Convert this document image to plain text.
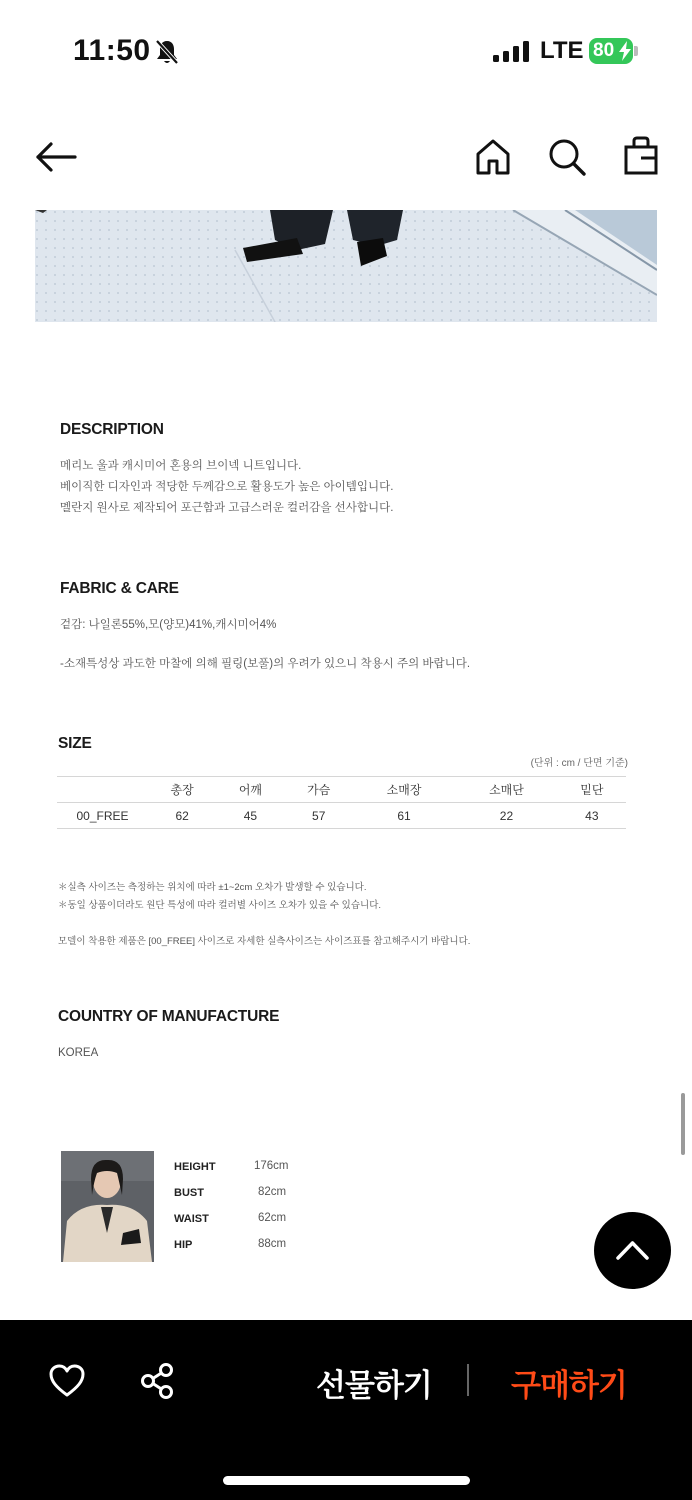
11:50	LTE 80
DESCRIPTION
메리노 울과 캐시미어 혼용의 브이넥 니트입니다.
베이직한 디자인과 적당한 두께감으로 활용도가 높은 아이템입니다.
멜란지 원사로 제작되어 포근함과 고급스러운 컬러감을 선사합니다.
FABRIC & CARE
겉감: 나일론55%,모(양모)41%,캐시미어4%
-소재특성상 과도한 마찰에 의해 필링(보풀)의 우려가 있으니 착용시 주의 바랍니다.
SIZE
(단위 : cm / 단면 기준)
	총장	어깨	가슴	소매장	소매단	밑단
00_FREE	62	45	57	61	22	43
＊실측 사이즈는 측정하는 위치에 따라 ±1~2cm 오차가 발생할 수 있습니다.
＊동일 상품이더라도 원단 특성에 따라 컬러별 사이즈 오차가 있을 수 있습니다.
모델이 착용한 제품은 [00_FREE] 사이즈로 자세한 실측사이즈는 사이즈표를 참고해주시기 바랍니다.
COUNTRY OF MANUFACTURE
KOREA
HEIGHT	176cm
BUST	82cm
WAIST	62cm
HIP	88cm
선물하기	구매하기
